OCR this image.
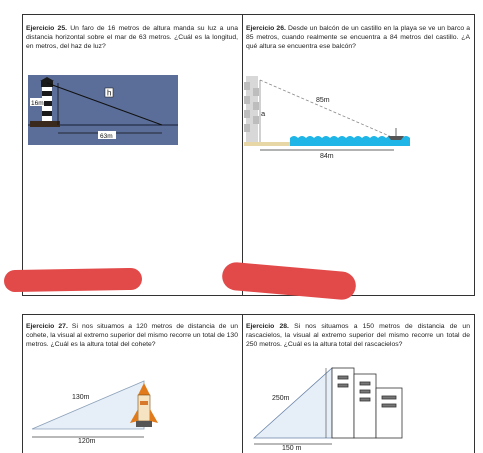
Ejercicio 25. Un faro de 16 metros de altura manda su luz a una distancia horizontal sobre el mar de 63 metros. ¿Cuál es la longitud, en metros, del haz de luz?
Ejercicio 26. Desde un balcón de un castillo en la playa se ve un barco a 85 metros, cuando realmente se encuentra a 84 metros del castillo. ¿A qué altura se encuentra ese balcón?
Ejercicio 27. Si nos situamos a 120 metros de distancia de un cohete, la visual al extremo superior del mismo recorre un total de 130 metros. ¿Cuál es la altura total del cohete?
Ejercicio 28. Si nos situamos a 150 metros de distancia de un rascacielos, la visual al extremo superior del mismo recorre un total de 250 metros. ¿Cuál es la altura total del rascacielos?
16m
h
63m
85m
a
84m
130m
120m
250m
150 m
